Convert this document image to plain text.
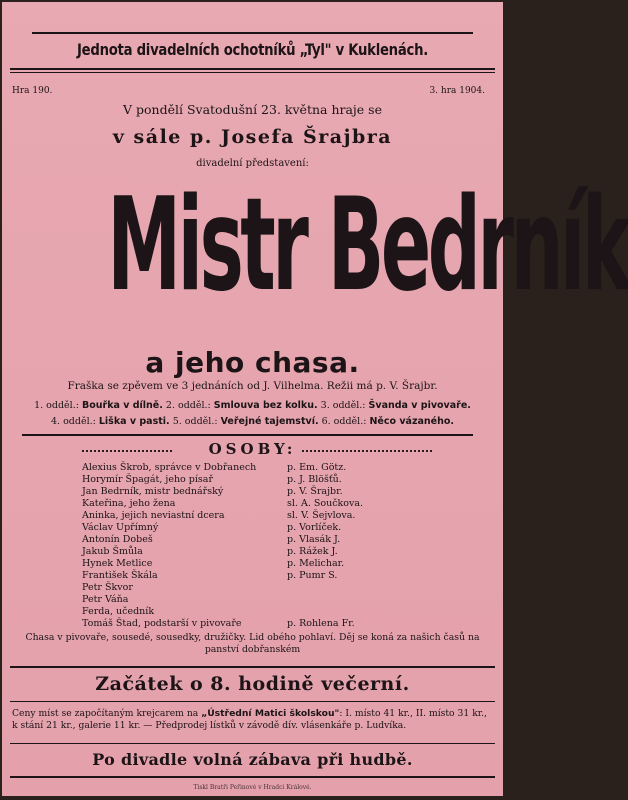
Jednota divadelních ochotníků „Tyl" v Kuklenách.
Hra 190.	3. hra 1904.
V pondělí Svatodušní 23. května hraje se
v sále p. Josefa Šrajbra
divadelní představení:
Mistr Bedrník
a jeho chasa.
Fraška se zpěvem ve 3 jednáních od J. Vilhelma. Režii má p. V. Šrajbr.
1. odděl.: Bouřka v dílně. 2. odděl.: Smlouva bez kolku. 3. odděl.: Švanda v pivovaře.
4. odděl.: Liška v pasti. 5. odděl.: Veřejné tajemství. 6. odděl.: Něco vázaného.
OSOBY:
Alexius Škrob, správce v Dobřanech	p. Em. Götz.
Horymír Špagát, jeho písař	p. J. Blöšťů.
Jan Bedrník, mistr bednářský	p. V. Šrajbr.
Kateřina, jeho žena	sl. A. Součkova.
Aninka, jejich neviastní dcera	sl. V. Šejvlova.
Václav Upřímný	p. Vorlíček.
Antonín Dobeš	p. Vlasák J.
Jakub Šmůla	p. Rážek J.
Hynek Metlice	p. Melichar.
František Škála	p. Pumr S.
Petr Škvor
Petr Váňa
Ferda, učedník
Tomáš Štad, podstarší v pivovaře	p. Rohlena Fr.
Chasa v pivovaře, sousedé, sousedky, družičky. Lid obého pohlaví. Děj se koná za našich časů na panství dobřanském
Začátek o 8. hodině večerní.
Ceny míst se započítaným krejcarem na „Ústřední Matici školskou": I. místo 41 kr., II. místo 31 kr., k stání 21 kr., galerie 11 kr. — Předprodej lístků v závodě dív. vlásenkáře p. Ludvíka.
Po divadle volná zábava při hudbě.
Tiskl Bratři Peřinové v Hradci Králové.
